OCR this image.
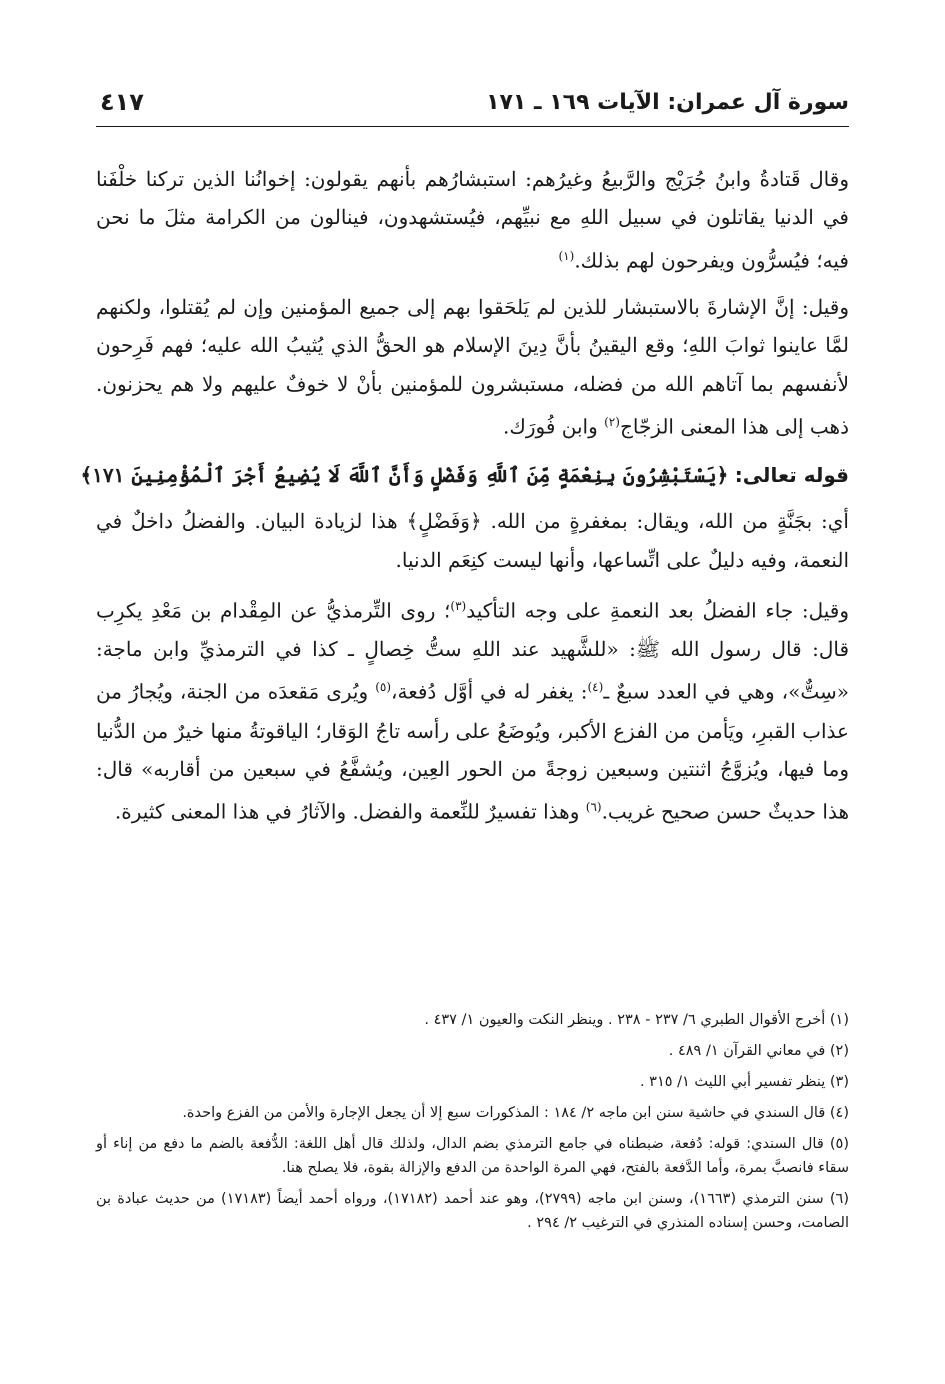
سورة آل عمران: الآيات ١٦٩ ـ ١٧١
٤١٧

وقال قَتادةُ وابنُ جُرَيْج والرَّبيعُ وغيرُهم: استبشارُهم بأنهم يقولون: إخوانُنا الذين تركنا خلْفَنا في الدنيا يقاتلون في سبيل اللهِ مع نبيِّهم، فيُستشهدون، فينالون من الكرامة مثلَ ما نحن فيه؛ فيُسرُّون ويفرحون لهم بذلك.$^{(١)}$

وقيل: إنَّ الإشارةَ بالاستبشار للذين لم يَلحَقوا بهم إلى جميع المؤمنين وإن لم يُقتلوا، ولكنهم لمَّا عاينوا ثوابَ اللهِ؛ وقع اليقينُ بأنَّ دِينَ الإسلام هو الحقُّ الذي يُثيبُ الله عليه؛ فهم فَرِحون لأنفسهم بما آتاهم الله من فضله، مستبشرون للمؤمنين بأنْ لا خوفٌ عليهم ولا هم يحزنون. ذهب إلى هذا المعنى الزجّاج$^{(٢)}$ وابن فُورَك.

قوله تعالى: ﴿يَسْتَبْشِرُونَ بِنِعْمَةٍ مِّنَ ٱللَّهِ وَفَضْلٍ وَأَنَّ ٱللَّهَ لَا يُضِيعُ أَجْرَ ٱلْمُؤْمِنِينَ ١٧١﴾

أي: بجَنَّةٍ من الله، ويقال: بمغفرةٍ من الله. ﴿وَفَضْلٍ﴾ هذا لزيادة البيان. والفضلُ داخلٌ في النعمة، وفيه دليلٌ على اتِّساعها، وأنها ليست كنِعَم الدنيا.

وقيل: جاء الفضلُ بعد النعمةِ على وجه التأكيد$^{(٣)}$؛ روى التِّرمذيُّ عن المِقْدام بن مَعْدِ يكرِب قال: قال رسول الله ﷺ: «للشَّهيد عند اللهِ ستُّ خِصالٍ ـ كذا في الترمذيِّ وابن ماجة: «سِتٌّ»، وهي في العدد سبعٌ ـ$^{(٤)}$: يغفر له في أوَّل دُفعة،$^{(٥)}$ ويُرى مَقعدَه من الجنة، ويُجارُ من عذاب القبرِ، ويَأمن من الفزع الأكبر، ويُوضَعُ على رأسه تاجُ الوَقار؛ الياقوتةُ منها خيرٌ من الدُّنيا وما فيها، ويُزوَّجُ اثنتين وسبعين زوجةً من الحور العِين، ويُشفَّعُ في سبعين من أقاربه» قال: هذا حديثٌ حسن صحيح غريب.$^{(٦)}$ وهذا تفسيرٌ للنِّعمة والفضل. والآثارُ في هذا المعنى كثيرة.

(١) أخرج الأقوال الطبري ٦/ ٢٣٧ - ٢٣٨ . وينظر النكت والعيون ١/ ٤٣٧ .

(٢) في معاني القرآن ١/ ٤٨٩ .

(٣) ينظر تفسير أبي الليث ١/ ٣١٥ .

(٤) قال السندي في حاشية سنن ابن ماجه ٢/ ١٨٤ : المذكورات سبع إلا أن يجعل الإجارة والأمن من الفزع واحدة.

(٥) قال السندي: قوله: دُفعة، ضبطناه في جامع الترمذي بضم الدال، ولذلك قال أهل اللغة: الدُّفعة بالضم ما دفع من إناء أو سقاء فانصبَّ بمرة، وأما الدَّفعة بالفتح، فهي المرة الواحدة من الدفع والإزالة بقوة، فلا يصلح هنا.

(٦) سنن الترمذي (١٦٦٣)، وسنن ابن ماجه (٢٧٩٩)، وهو عند أحمد (١٧١٨٢)، ورواه أحمد أيضاً (١٧١٨٣) من حديث عبادة بن الصامت، وحسن إسناده المنذري في الترغيب ٢/ ٢٩٤ .
